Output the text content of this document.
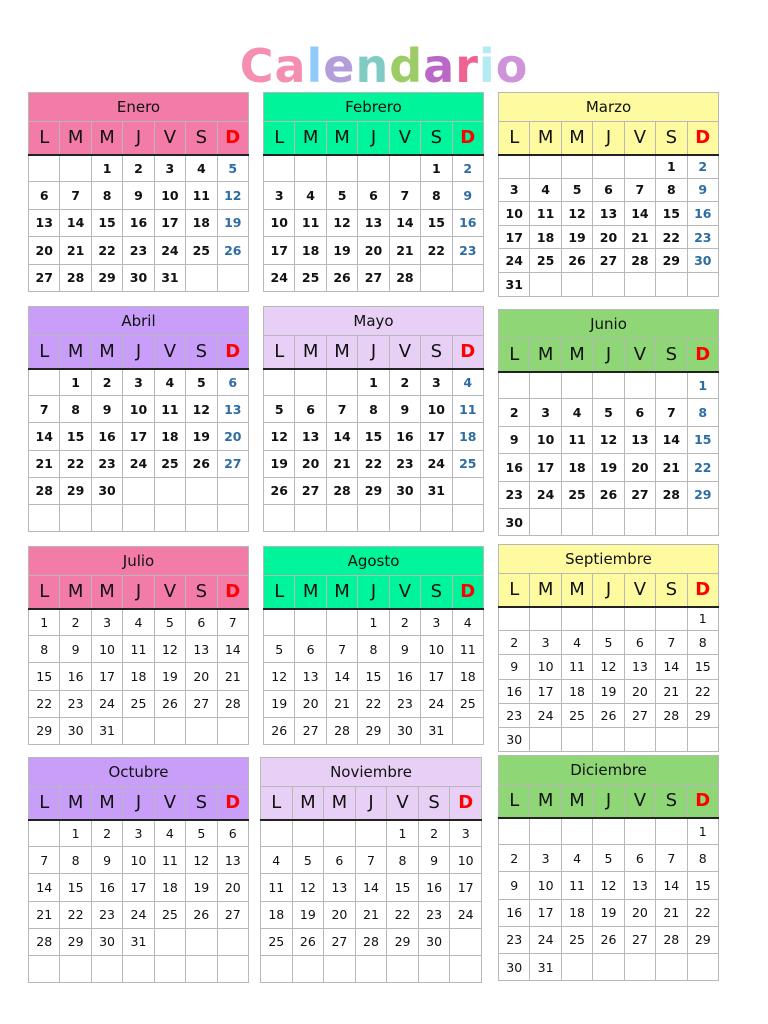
Calendario
Enero						
L	M	M	J	V	S	D
		1	2	3	4	5
6	7	8	9	10	11	12
13	14	15	16	17	18	19
20	21	22	23	24	25	26
27	28	29	30	31		
Febrero						
L	M	M	J	V	S	D
					1	2
3	4	5	6	7	8	9
10	11	12	13	14	15	16
17	18	19	20	21	22	23
24	25	26	27	28		
Marzo						
L	M	M	J	V	S	D
					1	2
3	4	5	6	7	8	9
10	11	12	13	14	15	16
17	18	19	20	21	22	23
24	25	26	27	28	29	30
31						
Abril						
L	M	M	J	V	S	D
	1	2	3	4	5	6
7	8	9	10	11	12	13
14	15	16	17	18	19	20
21	22	23	24	25	26	27
28	29	30				

Mayo						
L	M	M	J	V	S	D
			1	2	3	4
5	6	7	8	9	10	11
12	13	14	15	16	17	18
19	20	21	22	23	24	25
26	27	28	29	30	31	

Junio						
L	M	M	J	V	S	D
						1
2	3	4	5	6	7	8
9	10	11	12	13	14	15
16	17	18	19	20	21	22
23	24	25	26	27	28	29
30						
Julio						
L	M	M	J	V	S	D
1	2	3	4	5	6	7
8	9	10	11	12	13	14
15	16	17	18	19	20	21
22	23	24	25	26	27	28
29	30	31				
Agosto						
L	M	M	J	V	S	D
			1	2	3	4
5	6	7	8	9	10	11
12	13	14	15	16	17	18
19	20	21	22	23	24	25
26	27	28	29	30	31	
Septiembre						
L	M	M	J	V	S	D
						1
2	3	4	5	6	7	8
9	10	11	12	13	14	15
16	17	18	19	20	21	22
23	24	25	26	27	28	29
30						
Octubre						
L	M	M	J	V	S	D
	1	2	3	4	5	6
7	8	9	10	11	12	13
14	15	16	17	18	19	20
21	22	23	24	25	26	27
28	29	30	31			

Noviembre						
L	M	M	J	V	S	D
				1	2	3
4	5	6	7	8	9	10
11	12	13	14	15	16	17
18	19	20	21	22	23	24
25	26	27	28	29	30	

Diciembre						
L	M	M	J	V	S	D
						1
2	3	4	5	6	7	8
9	10	11	12	13	14	15
16	17	18	19	20	21	22
23	24	25	26	27	28	29
30	31					
